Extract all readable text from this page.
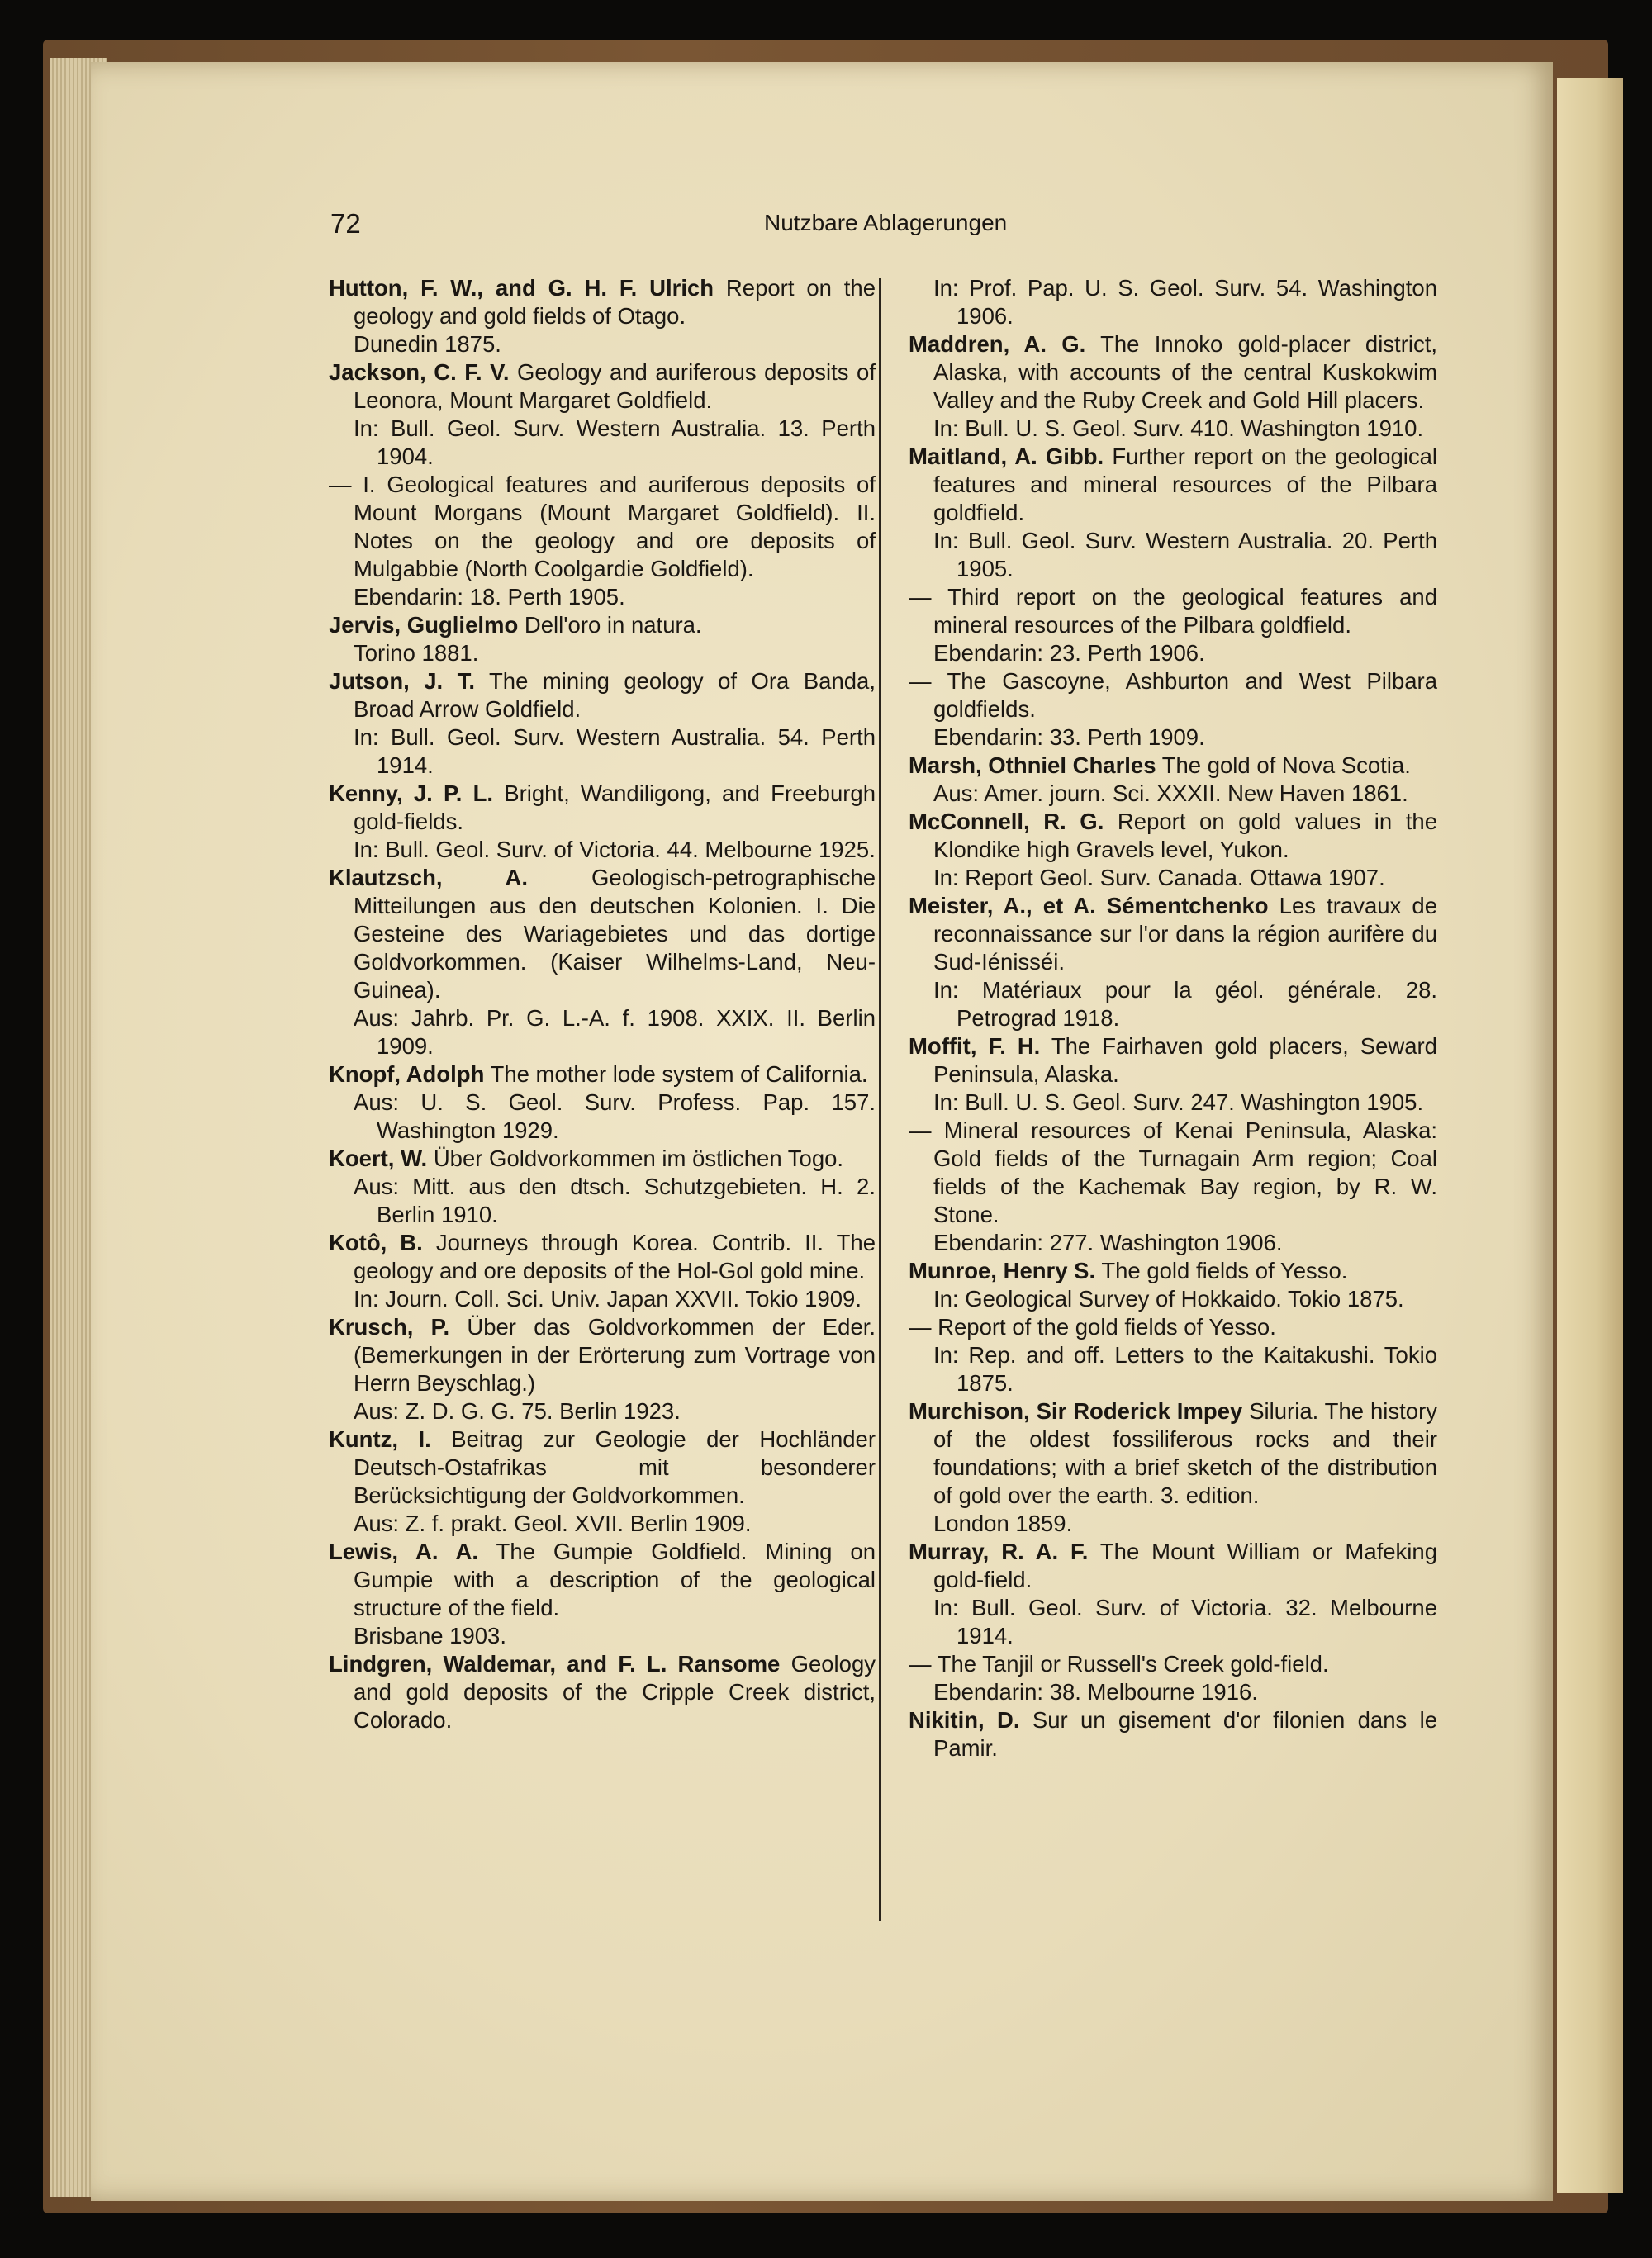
72	Nutzbare Ablagerungen

Hutton, F. W., and G. H. F. Ulrich Report on the geology and gold fields of Otago.

Dunedin 1875.

Jackson, C. F. V. Geology and auriferous deposits of Leonora, Mount Margaret Goldfield.

In: Bull. Geol. Surv. Western Australia. 13. Perth 1904.

— I. Geological features and auriferous deposits of Mount Morgans (Mount Margaret Goldfield). II. Notes on the geology and ore deposits of Mulgabbie (North Coolgardie Goldfield).

Ebendarin: 18. Perth 1905.

Jervis, Guglielmo Dell'oro in natura.

Torino 1881.

Jutson, J. T. The mining geology of Ora Banda, Broad Arrow Goldfield.

In: Bull. Geol. Surv. Western Australia. 54. Perth 1914.

Kenny, J. P. L. Bright, Wandiligong, and Freeburgh gold-fields.

In: Bull. Geol. Surv. of Victoria. 44. Melbourne 1925.

Klautzsch, A.	Geologisch-petrographische Mitteilungen aus den deutschen Kolonien. I. Die Gesteine des Wariagebietes und das dortige Goldvorkommen. (Kaiser Wilhelms-Land, Neu-Guinea).

Aus: Jahrb. Pr. G. L.-A. f. 1908. XXIX. II. Berlin 1909.

Knopf, Adolph The mother lode system of California.

Aus: U. S. Geol. Surv. Profess. Pap. 157. Washington 1929.

Koert, W. Über Goldvorkommen im östlichen Togo.

Aus: Mitt. aus den dtsch. Schutzgebieten. H. 2. Berlin 1910.

Kotô, B. Journeys through Korea. Contrib. II. The geology and ore deposits of the Hol-Gol gold mine.

In: Journ. Coll. Sci. Univ. Japan XXVII. Tokio 1909.

Krusch, P. Über das Goldvorkommen der Eder. (Bemerkungen in der Erörterung zum Vortrage von Herrn Beyschlag.)

Aus: Z. D. G. G. 75. Berlin 1923.

Kuntz, I. Beitrag zur Geologie der Hochländer Deutsch-Ostafrikas mit besonderer Berücksichtigung der Goldvorkommen.

Aus: Z. f. prakt. Geol. XVII. Berlin 1909.

Lewis, A. A. The Gumpie Goldfield. Mining on Gumpie with a description of the geological structure of the field.

Brisbane 1903.

Lindgren, Waldemar, and F. L. Ransome Geology and gold deposits of the Cripple Creek district, Colorado.

In: Prof. Pap. U. S. Geol. Surv. 54. Washington 1906.

Maddren, A. G. The Innoko gold-placer district, Alaska, with accounts of the central Kuskokwim Valley and the Ruby Creek and Gold Hill placers.

In: Bull. U. S. Geol. Surv. 410. Washington 1910.

Maitland, A. Gibb. Further report on the geological features and mineral resources of the Pilbara goldfield.

In: Bull. Geol. Surv. Western Australia. 20. Perth 1905.

— Third report on the geological features and mineral resources of the Pilbara goldfield.

Ebendarin: 23. Perth 1906.

— The Gascoyne, Ashburton and West Pilbara goldfields.

Ebendarin: 33. Perth 1909.

Marsh, Othniel Charles The gold of Nova Scotia.

Aus: Amer. journ. Sci. XXXII. New Haven 1861.

McConnell, R. G. Report on gold values in the Klondike high Gravels level, Yukon.

In: Report Geol. Surv. Canada. Ottawa 1907.

Meister, A., et A. Sémentchenko Les travaux de reconnaissance sur l'or dans la région aurifère du Sud-Iénisséi.

In: Matériaux pour la géol. générale. 28. Petrograd 1918.

Moffit, F. H. The Fairhaven gold placers, Seward Peninsula, Alaska.

In: Bull. U. S. Geol. Surv. 247. Washington 1905.

— Mineral resources of Kenai Peninsula, Alaska: Gold fields of the Turnagain Arm region; Coal fields of the Kachemak Bay region, by R. W. Stone.

Ebendarin: 277. Washington 1906.

Munroe, Henry S. The gold fields of Yesso.

In: Geological Survey of Hokkaido. Tokio 1875.

— Report of the gold fields of Yesso.

In: Rep. and off. Letters to the Kaitakushi. Tokio 1875.

Murchison, Sir Roderick Impey Siluria. The history of the oldest fossiliferous rocks and their foundations; with a brief sketch of the distribution of gold over the earth. 3. edition.

London 1859.

Murray, R. A. F. The Mount William or Mafeking gold-field.

In: Bull. Geol. Surv. of Victoria. 32. Melbourne 1914.

— The Tanjil or Russell's Creek gold-field.

Ebendarin: 38. Melbourne 1916.

Nikitin, D. Sur un gisement d'or filonien dans le Pamir.
